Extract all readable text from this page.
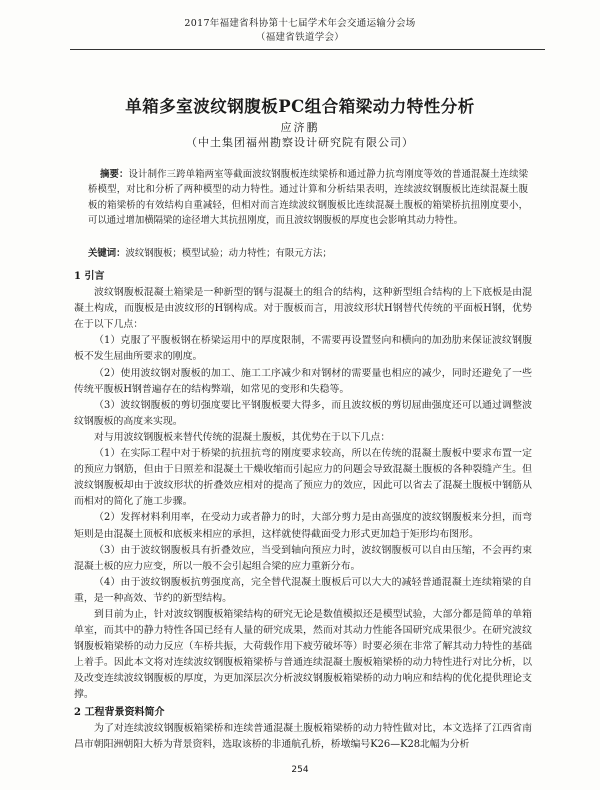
2017年福建省科协第十七届学术年会交通运输分会场
（福建省铁道学会）
单箱多室波纹钢腹板PC组合箱梁动力特性分析
应济鹏
（中土集团福州勘察设计研究院有限公司）
摘要：设计制作三跨单箱两室等截面波纹钢腹板连续梁桥和通过静力抗弯刚度等效的普通混凝土连续梁桥模型，对比和分析了两种模型的动力特性。通过计算和分析结果表明，连续波纹钢腹板比连续混凝土腹板的箱梁桥的有效结构自重减轻，但相对而言连续波纹钢腹板比连续混凝土腹板的箱梁桥抗扭刚度要小，可以通过增加横隔梁的途径增大其抗扭刚度，而且波纹钢腹板的厚度也会影响其动力特性。
关键词：波纹钢腹板；模型试验；动力特性；有限元方法；
1 引言

波纹钢腹板混凝土箱梁是一种新型的钢与混凝土的组合的结构，这种新型组合结构的上下底板是由混凝土构成，而腹板是由波纹形的H钢构成。对于腹板而言，用波纹形状H钢替代传统的平面板H钢，优势在于以下几点：

（1）克服了平腹板钢在桥梁运用中的厚度限制，不需要再设置竖向和横向的加劲肋来保证波纹钢腹板不发生屈曲所要求的刚度。

（2）使用波纹钢对腹板的加工、施工工序减少和对钢材的需要量也相应的减少，同时还避免了一些传统平腹板H钢普遍存在的结构弊端，如常见的变形和失稳等。

（3）波纹钢腹板的剪切强度要比平钢腹板要大得多，而且波纹板的剪切屈曲强度还可以通过调整波纹钢腹板的高度来实现。

对与用波纹钢腹板来替代传统的混凝土腹板，其优势在于以下几点：

（1）在实际工程中对于桥梁的抗扭抗弯的刚度要求较高，所以在传统的混凝土腹板中要求布置一定的预应力钢筋，但由于日照差和混凝土干燥收缩而引起应力的问题会导致混凝土腹板的各种裂缝产生。但波纹钢腹板却由于波纹形状的折叠效应相对的提高了预应力的效应，因此可以省去了混凝土腹板中钢筋从而相对的简化了施工步骤。

（2）发挥材料利用率，在受动力或者静力的时，大部分剪力是由高强度的波纹钢腹板来分担，而弯矩则是由混凝土顶板和底板来相应的承担，这样就使得截面受力形式更加趋于矩形均布图形。

（3）由于波纹钢腹板具有折叠效应，当受到轴向预应力时，波纹钢腹板可以自由压缩，不会再约束混凝土板的应力应变，所以一般不会引起组合梁的应力重新分布。

（4）由于波纹钢腹板抗剪强度高，完全替代混凝土腹板后可以大大的减轻普通混凝土连续箱梁的自重，是一种高效、节约的新型结构。

到目前为止，针对波纹钢腹板箱梁结构的研究无论是数值模拟还是模型试验，大部分都是简单的单箱单室，而其中的静力特性各国已经有人量的研究成果，然而对其动力性能各国研究成果很少。在研究波纹钢腹板箱梁桥的动力反应（车桥共振，大荷载作用下疲劳破坏等）时要必须在非常了解其动力特性的基础上着手。因此本文将对连续波纹钢腹板箱梁桥与普通连续混凝土腹板箱梁桥的动力特性进行对比分析，以及改变连续波纹钢腹板的厚度，为更加深层次分析波纹钢腹板箱梁桥的动力响应和结构的优化提供理论支撑。

2 工程背景资料简介

为了对连续波纹钢腹板箱梁桥和连续普通混凝土腹板箱梁桥的动力特性做对比，本文选择了江西省南昌市朝阳洲朝阳大桥为背景资料，选取该桥的非通航孔桥，桥墩编号K26—K28北幅为分析

254
